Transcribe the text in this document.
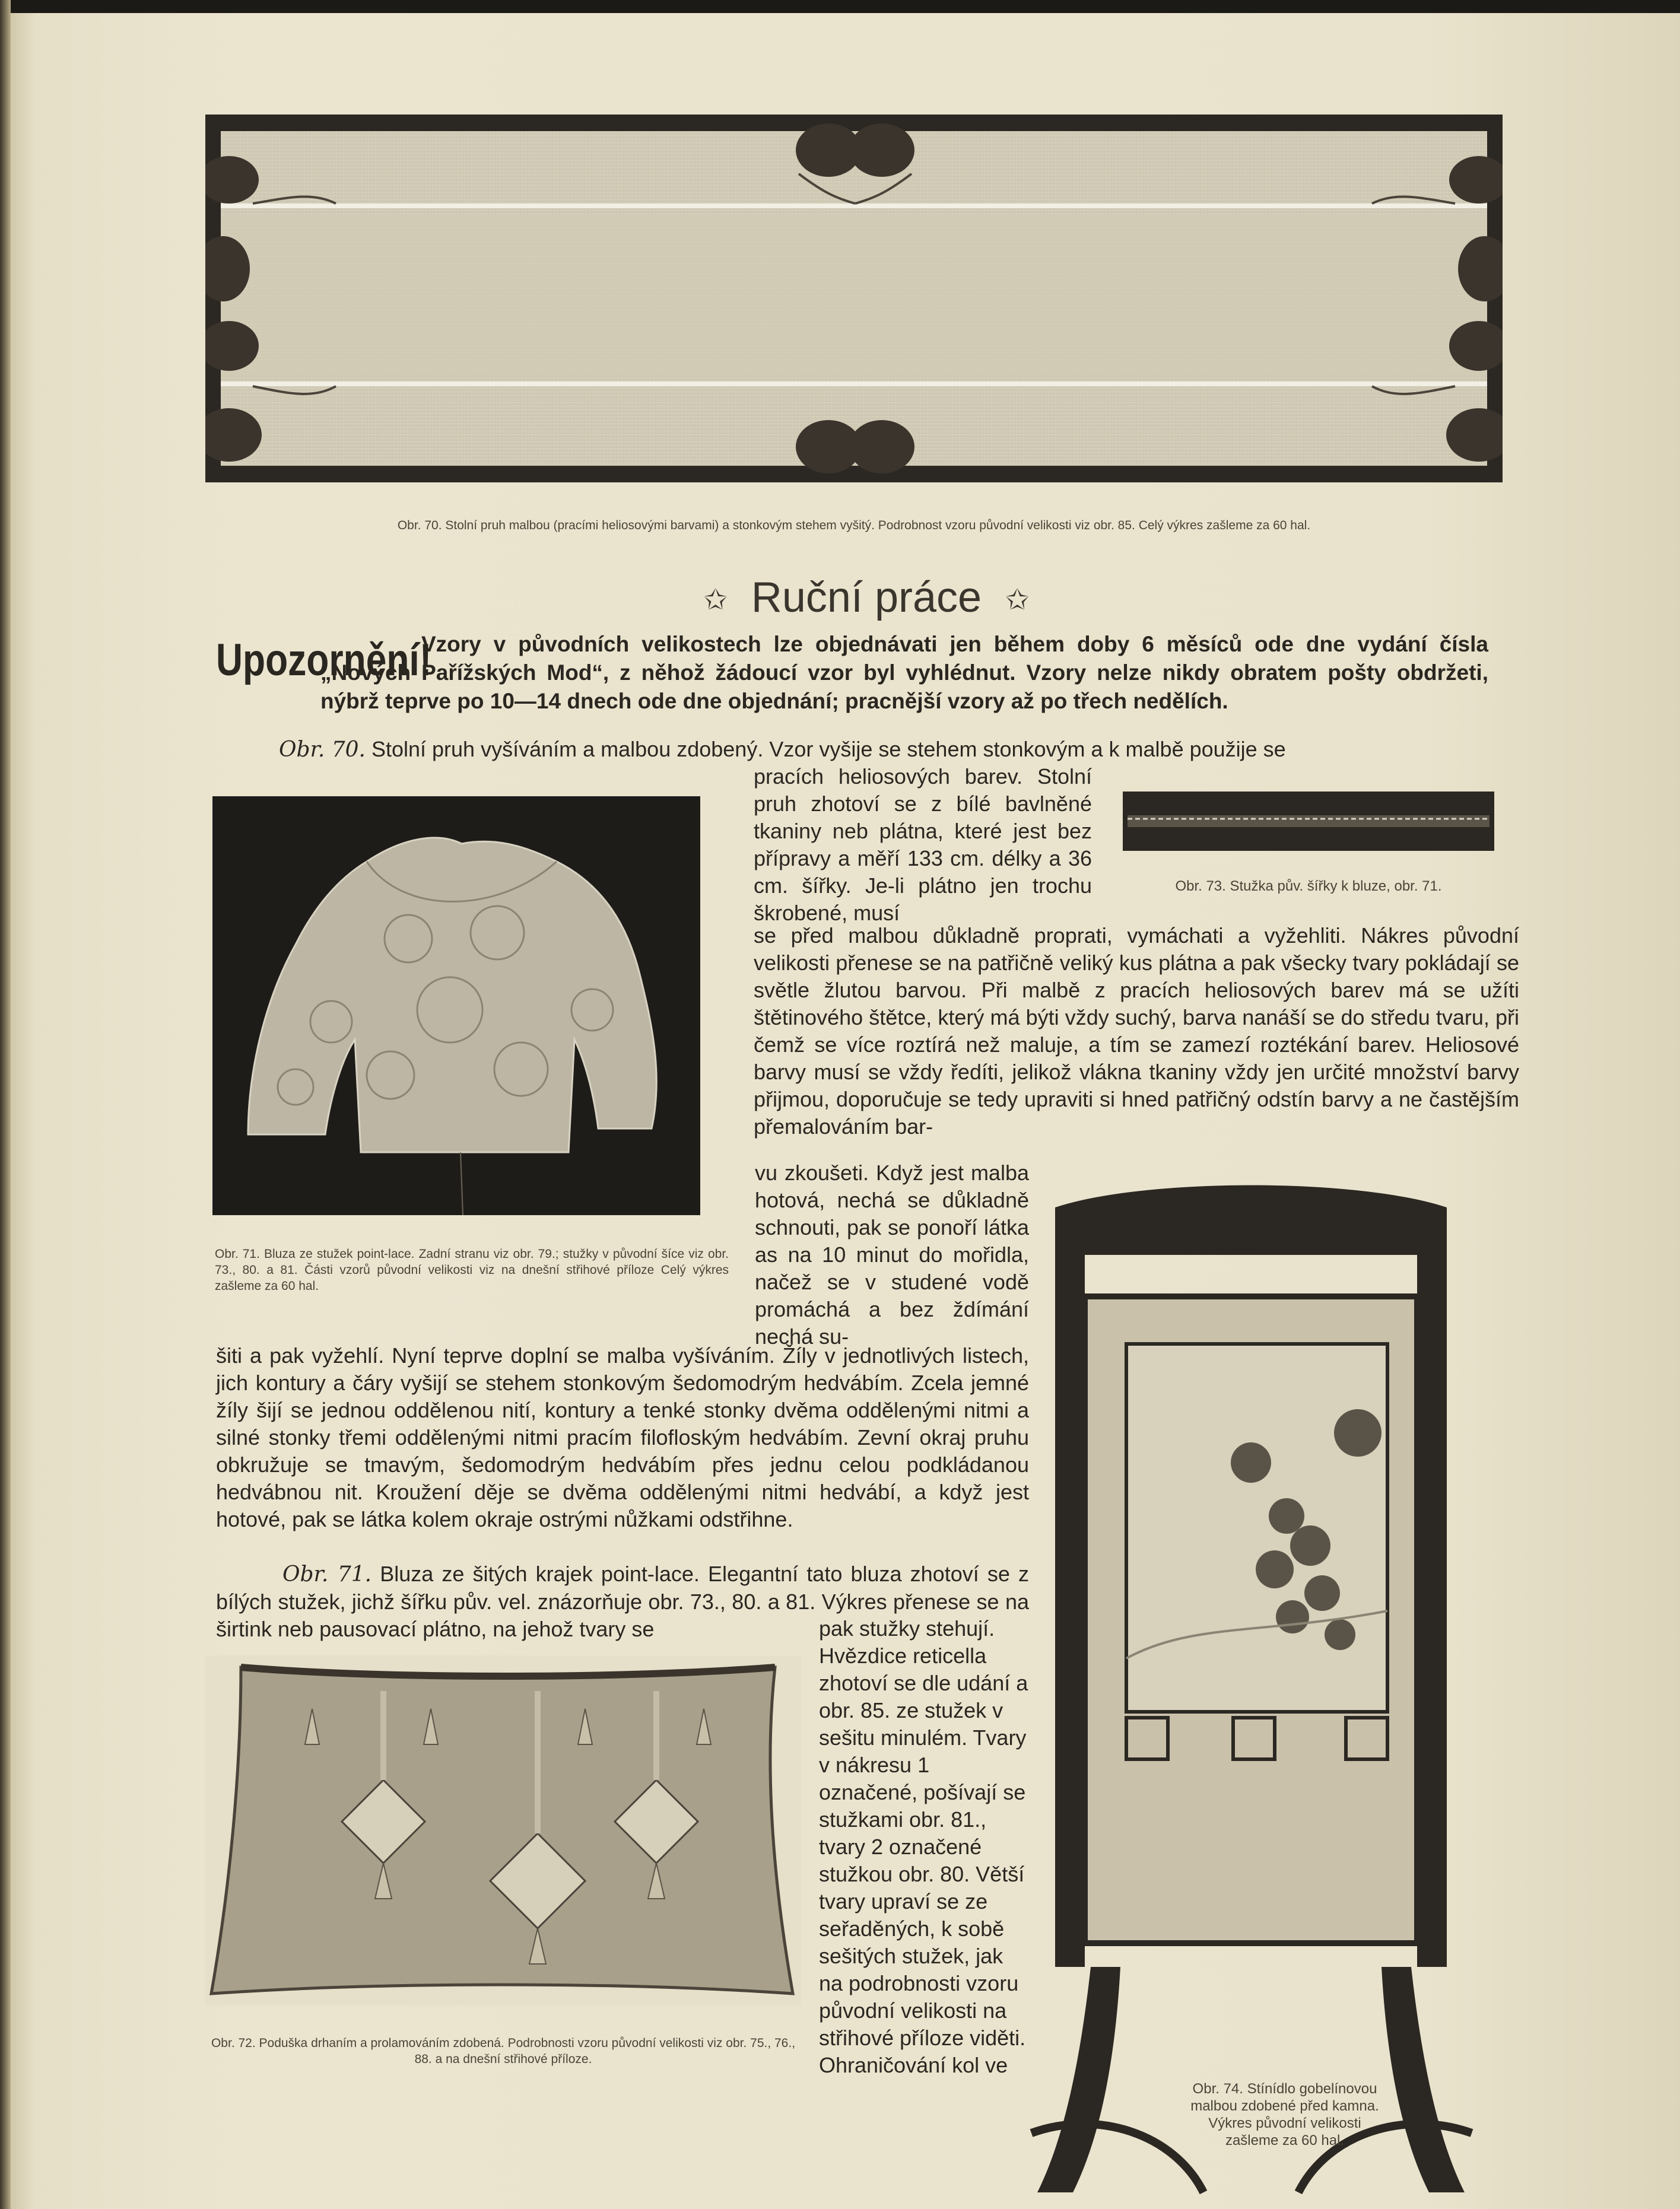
Obr. 70. Stolní pruh malbou (pracími heliosovými barvami) a stonkovým stehem vyšitý. Podrobnost vzoru původní velikosti viz obr. 85. Celý výkres zašleme za 60 hal.
✩ Ruční práce ✩
Upozornění!
Vzory v původních velikostech lze objednávati jen během doby 6 měsíců ode dne vydání čísla „Nových Pařížských Mod“, z něhož žádoucí vzor byl vyhlédnut. Vzory nelze nikdy obratem pošty obdržeti, nýbrž teprve po 10—14 dnech ode dne objednání; pracnější vzory až po třech nedělích.
Obr. 70. Stolní pruh vyšíváním a malbou zdobený. Vzor vyšije se stehem stonkovým a k malbě použije se
Obr. 71. Bluza ze stužek point-lace. Zadní stranu viz obr. 79.; stužky v původní šíce viz obr. 73., 80. a 81. Části vzorů původní velikosti viz na dnešní střihové příloze Celý výkres zašleme za 60 hal.
pracích heliosových barev. Stolní pruh zhotoví se z bílé bavlněné tkaniny neb plátna, které jest bez přípravy a měří 133 cm. délky a 36 cm. šířky. Je-li plátno jen trochu škrobené, musí
Obr. 73. Stužka pův. šířky k bluze, obr. 71.
se před malbou důkladně proprati, vymáchati a vyžehliti. Nákres původní velikosti přenese se na patřičně veliký kus plátna a pak všecky tvary pokládají se světle žlutou barvou. Při malbě z pracích heliosových barev má se užíti štětinového štětce, který má býti vždy suchý, barva nanáší se do středu tvaru, při čemž se více roztírá než maluje, a tím se zamezí roztékání barev. Heliosové barvy musí se vždy ředíti, jelikož vlákna tkaniny vždy jen určité množství barvy přijmou, doporučuje se tedy upraviti si hned patřičný odstín barvy a ne častějším přemalováním bar-
vu zkoušeti. Když jest malba hotová, nechá se důkladně schnouti, pak se ponoří látka as na 10 minut do mořidla, načež se v studené vodě promáchá a bez ždímání nechá su-
šiti a pak vyžehlí. Nyní teprve doplní se malba vyšíváním. Žíly v jednotlivých listech, jich kontury a čáry vyšijí se stehem stonkovým šedomodrým hedvábím. Zcela jemné žíly šijí se jednou oddělenou nití, kontury a tenké stonky dvěma oddělenými nitmi a silné stonky třemi oddělenými nitmi pracím filofloským hedvábím. Zevní okraj pruhu obkružuje se tmavým, šedomodrým hedvábím přes jednu celou podkládanou hedvábnou nit. Kroužení děje se dvěma oddělenými nitmi hedvábí, a když jest hotové, pak se látka kolem okraje ostrými nůžkami odstřihne.
Obr. 71. Bluza ze šitých krajek point-lace. Elegantní tato bluza zhotoví se z bílých stužek, jichž šířku pův. vel. znázorňuje obr. 73., 80. a 81. Výkres přenese se na širtink neb pausovací plátno, na jehož tvary se
Obr. 72. Poduška drhaním a prolamováním zdobená. Podrobnosti vzoru původní velikosti viz obr. 75., 76., 88. a na dnešní střihové příloze.
pak stužky stehují. Hvězdice reticella zhotoví se dle udání a obr. 85. ze stužek v sešitu minulém. Tvary v nákresu 1 označené, pošívají se stužkami obr. 81., tvary 2 označené stužkou obr. 80. Větší tvary upraví se ze seřaděných, k sobě sešitých stužek, jak na podrobnosti vzoru původní velikosti na střihové příloze viděti. Ohraničování kol ve
Obr. 74. Stínídlo gobelínovou malbou zdobené před kamna. Výkres původní velikosti zašleme za 60 hal.
